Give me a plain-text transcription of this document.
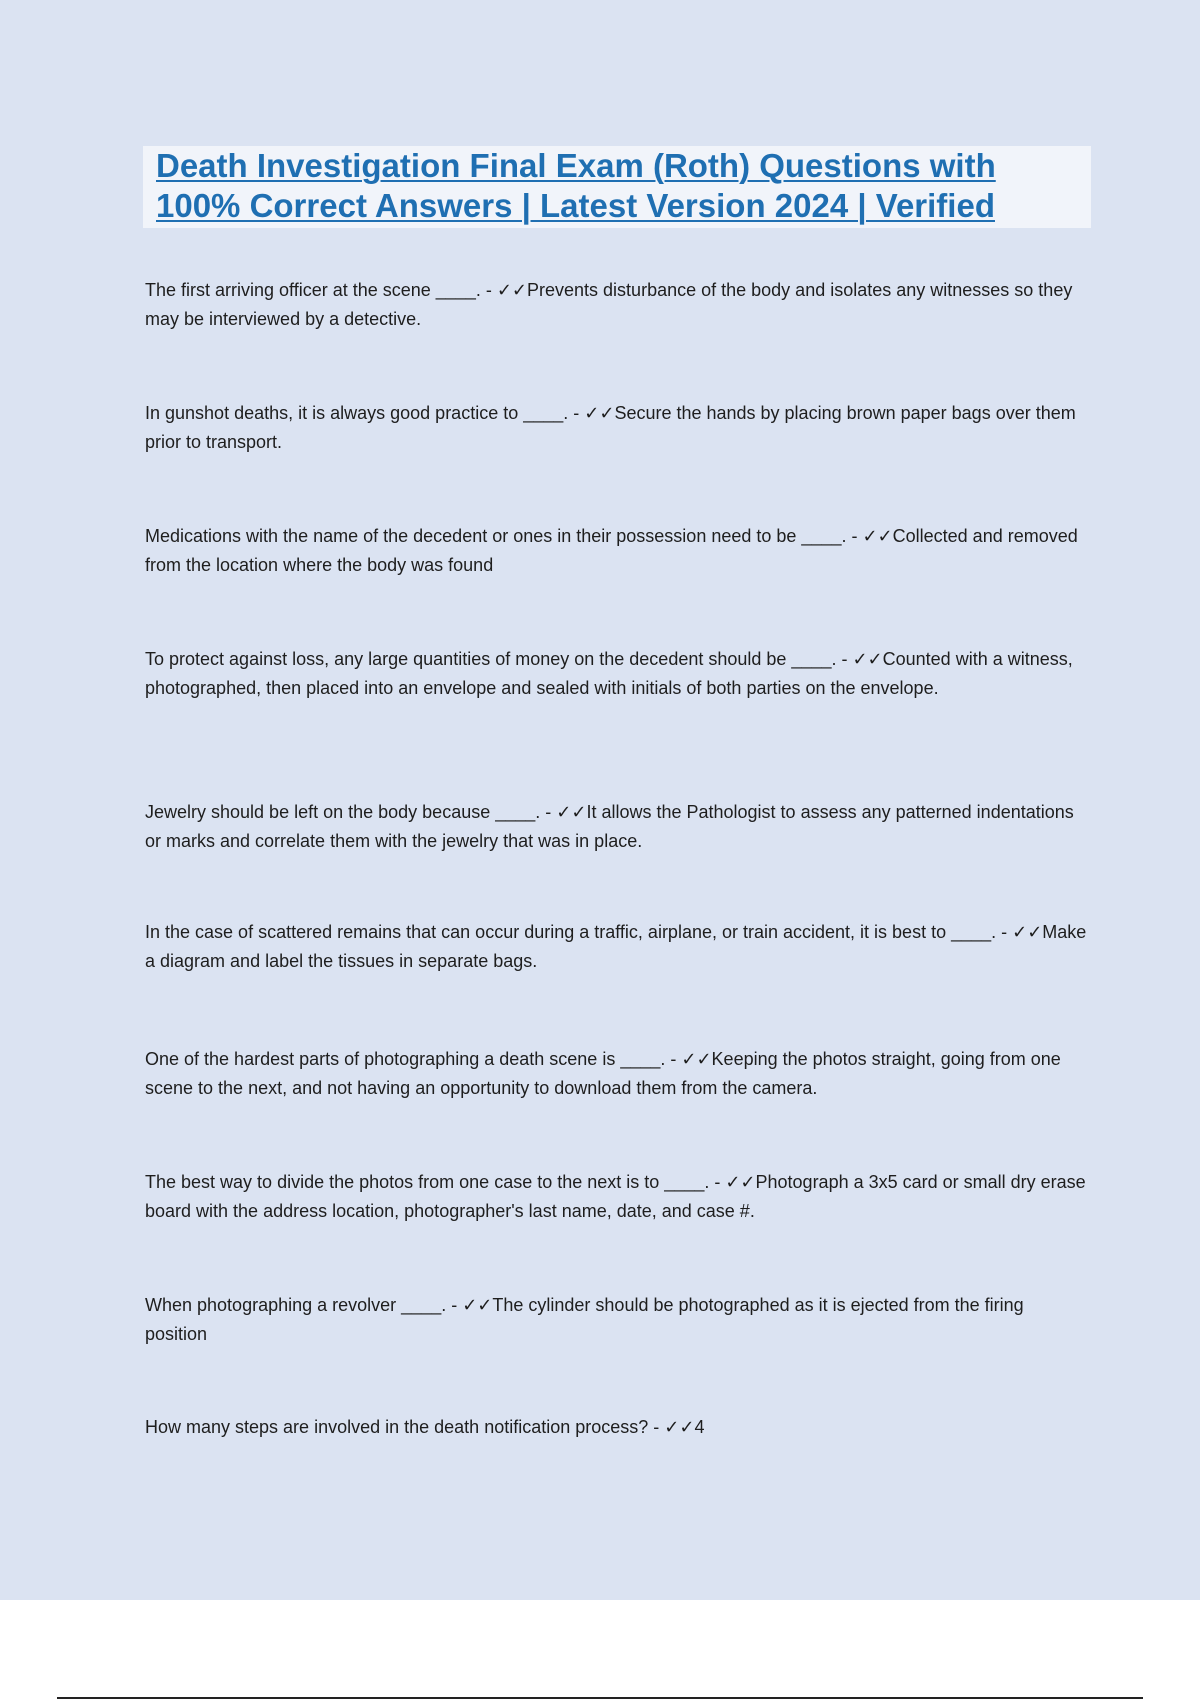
Death Investigation Final Exam (Roth) Questions with

100% Correct Answers | Latest Version 2024 | Verified

The first arriving officer at the scene ____. - ✓✓Prevents disturbance of the body and isolates any witnesses so they may be interviewed by a detective.

In gunshot deaths, it is always good practice to ____. - ✓✓Secure the hands by placing brown paper bags over them prior to transport.

Medications with the name of the decedent or ones in their possession need to be ____. - ✓✓Collected and removed from the location where the body was found

To protect against loss, any large quantities of money on the decedent should be ____. - ✓✓Counted with a witness, photographed, then placed into an envelope and sealed with initials of both parties on the envelope.

Jewelry should be left on the body because ____. - ✓✓It allows the Pathologist to assess any patterned indentations or marks and correlate them with the jewelry that was in place.

In the case of scattered remains that can occur during a traffic, airplane, or train accident, it is best to ____. - ✓✓Make a diagram and label the tissues in separate bags.

One of the hardest parts of photographing a death scene is ____. - ✓✓Keeping the photos straight, going from one scene to the next, and not having an opportunity to download them from the camera.

The best way to divide the photos from one case to the next is to ____. - ✓✓Photograph a 3x5 card or small dry erase board with the address location, photographer's last name, date, and case #.

When photographing a revolver ____. - ✓✓The cylinder should be photographed as it is ejected from the firing position

How many steps are involved in the death notification process? - ✓✓4
